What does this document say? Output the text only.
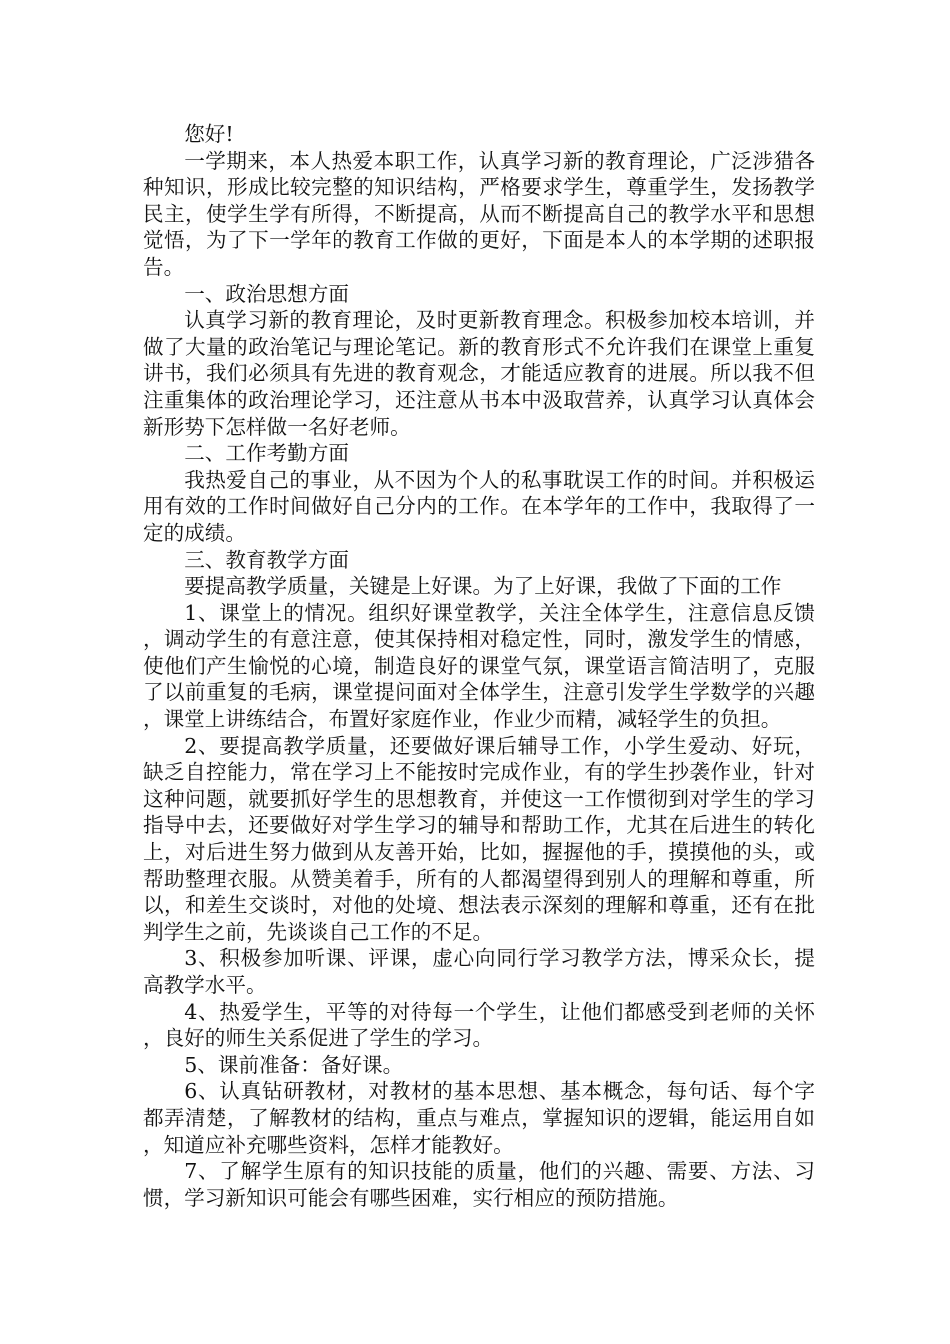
您好!

一学期来，本人热爱本职工作，认真学习新的教育理论，广泛涉猎各种知识，形成比较完整的知识结构，严格要求学生，尊重学生，发扬教学民主，使学生学有所得，不断提高，从而不断提高自己的教学水平和思想觉悟，为了下一学年的教育工作做的更好，下面是本人的本学期的述职报告。

一、政治思想方面

认真学习新的教育理论，及时更新教育理念。积极参加校本培训，并做了大量的政治笔记与理论笔记。新的教育形式不允许我们在课堂上重复讲书，我们必须具有先进的教育观念，才能适应教育的进展。所以我不但注重集体的政治理论学习，还注意从书本中汲取营养，认真学习认真体会新形势下怎样做一名好老师。

二、工作考勤方面

我热爱自己的事业，从不因为个人的私事耽误工作的时间。并积极运用有效的工作时间做好自己分内的工作。在本学年的工作中，我取得了一定的成绩。

三、教育教学方面

要提高教学质量，关键是上好课。为了上好课，我做了下面的工作

1、课堂上的情况。组织好课堂教学，关注全体学生，注意信息反馈，调动学生的有意注意，使其保持相对稳定性，同时，激发学生的情感，使他们产生愉悦的心境，制造良好的课堂气氛，课堂语言简洁明了，克服了以前重复的毛病，课堂提问面对全体学生，注意引发学生学数学的兴趣，课堂上讲练结合，布置好家庭作业，作业少而精，减轻学生的负担。

2、要提高教学质量，还要做好课后辅导工作，小学生爱动、好玩，缺乏自控能力，常在学习上不能按时完成作业，有的学生抄袭作业，针对这种问题，就要抓好学生的思想教育，并使这一工作惯彻到对学生的学习指导中去，还要做好对学生学习的辅导和帮助工作，尤其在后进生的转化上，对后进生努力做到从友善开始，比如，握握他的手，摸摸他的头，或帮助整理衣服。从赞美着手，所有的人都渴望得到别人的理解和尊重，所以，和差生交谈时，对他的处境、想法表示深刻的理解和尊重，还有在批判学生之前，先谈谈自己工作的不足。

3、积极参加听课、评课，虚心向同行学习教学方法，博采众长，提高教学水平。

4、热爱学生，平等的对待每一个学生，让他们都感受到老师的关怀，良好的师生关系促进了学生的学习。

5、课前准备：备好课。

6、认真钻研教材，对教材的基本思想、基本概念，每句话、每个字都弄清楚，了解教材的结构，重点与难点，掌握知识的逻辑，能运用自如，知道应补充哪些资料，怎样才能教好。

7、了解学生原有的知识技能的质量，他们的兴趣、需要、方法、习惯，学习新知识可能会有哪些困难，实行相应的预防措施。
